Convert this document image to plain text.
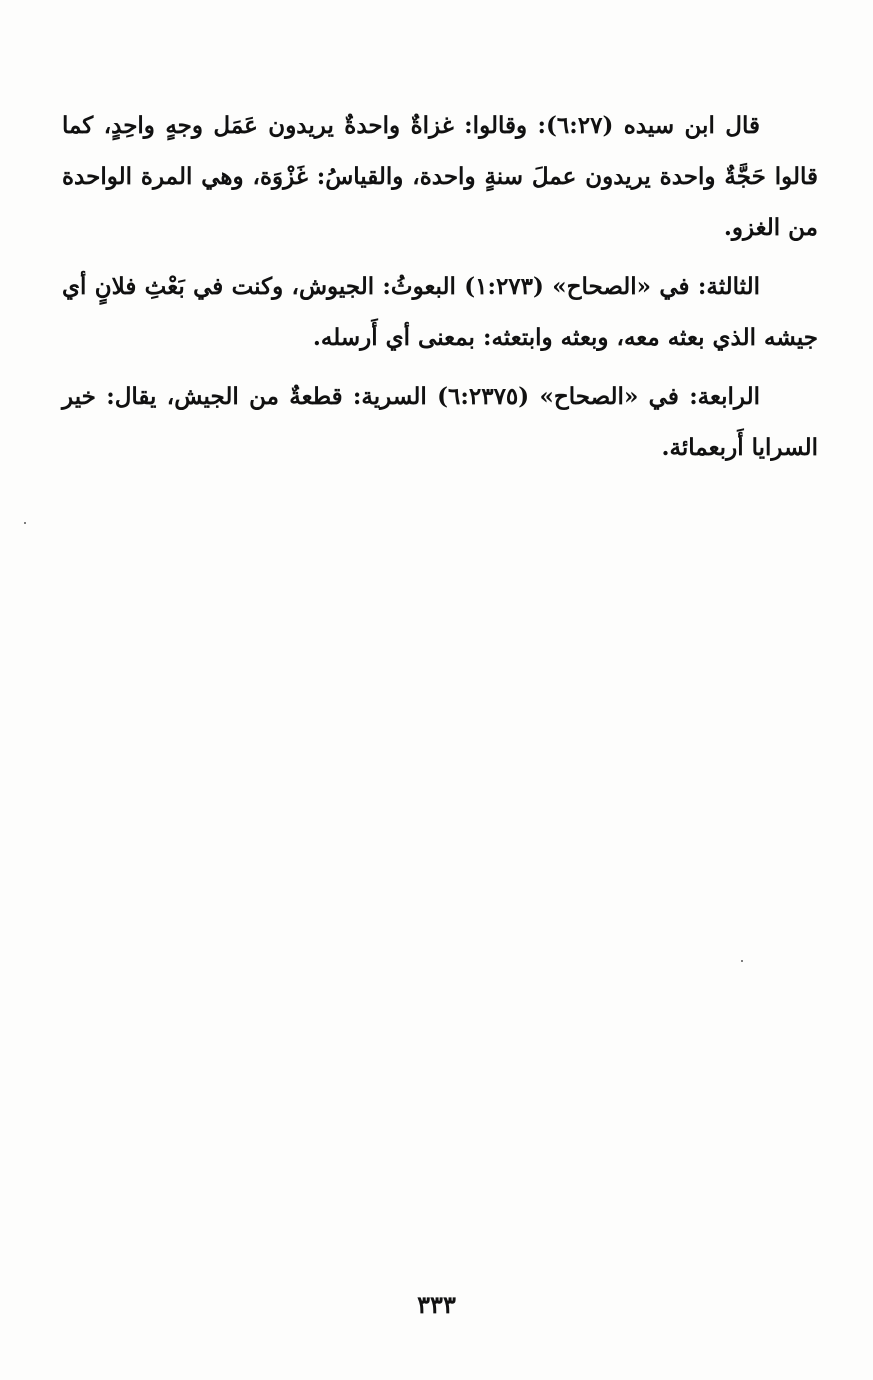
قال ابن سيده (٦:٢٧): وقالوا: غزاةٌ واحدةٌ يريدون عَمَل وجهٍ واحِدٍ، كما قالوا حَجَّةٌ واحدة يريدون عملَ سنةٍ واحدة، والقياسُ: غَزْوَة، وهي المرة الواحدة من الغزو.

الثالثة: في «الصحاح» (١:٢٧٣) البعوثُ: الجيوش، وكنت في بَعْثِ فلانٍ أي جيشه الذي بعثه معه، وبعثه وابتعثه: بمعنى أي أَرسله.

الرابعة: في «الصحاح» (٦:٢٣٧٥) السرية: قطعةٌ من الجيش، يقال: خير السرايا أَربعمائة.

٣٣٣
